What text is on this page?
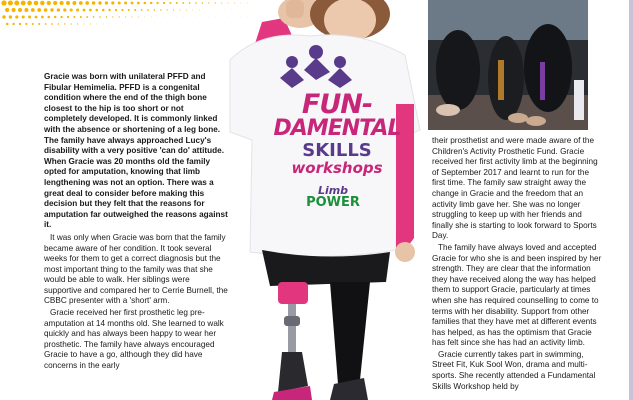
FUN-
DAMENTAL
SKILLS
workshops
Limb
POWER

Gracie was born with unilateral PFFD and Fibular Hemimelia. PFFD is a congenital condition where the end of the thigh bone closest to the hip is too short or not completely developed. It is commonly linked with the absence or shortening of a leg bone. The family have always approached Lucy's disability with a very positive 'can do' attitude. When Gracie was 20 months old the family opted for amputation, knowing that limb lengthening was not an option. There was a great deal to consider before making this decision but they felt that the reasons for amputation far outweighed the reasons against it.

It was only when Gracie was born that the family became aware of her condition. It took several weeks for them to get a correct diagnosis but the most important thing to the family was that she would be able to walk. Her siblings were supportive and compared her to Cerrie Burnell, the CBBC presenter with a 'short' arm.

Gracie received her first prosthetic leg pre-amputation at 14 months old. She learned to walk quickly and has always been happy to wear her prosthetic. The family have always encouraged Gracie to have a go, although they did have concerns in the early

their prosthetist and were made aware of the Children's Activity Prosthetic Fund. Gracie received her first activity limb at the beginning of September 2017 and learnt to run for the first time. The family saw straight away the change in Gracie and the freedom that an activity limb gave her. She was no longer struggling to keep up with her friends and finally she is starting to look forward to Sports Day.

The family have always loved and accepted Gracie for who she is and been inspired by her strength. They are clear that the information they have received along the way has helped them to support Gracie, particularly at times when she has required counselling to come to terms with her disability. Support from other families that they have met at different events has helped, as has the optimism that Gracie has felt since she has had an activity limb.

Gracie currently takes part in swimming, Street Fit, Kuk Sool Won, drama and multi-sports. She recently attended a Fundamental Skills Workshop held by
